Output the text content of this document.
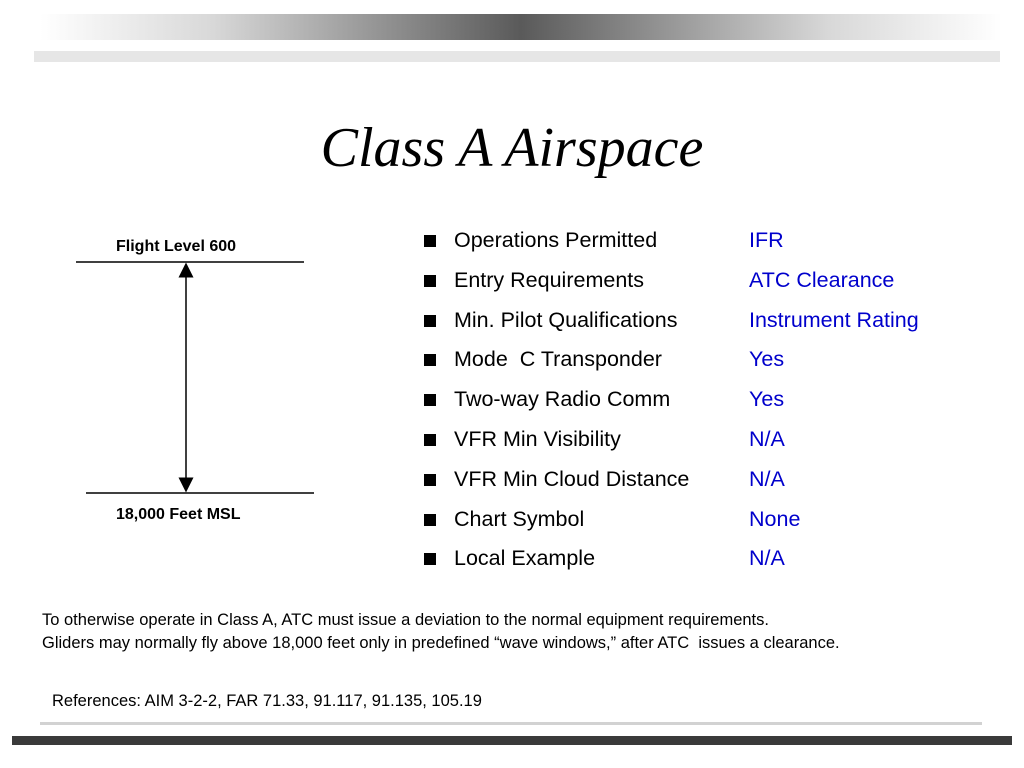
Class A Airspace
Flight Level 600
18,000 Feet MSL
Operations Permitted	IFR
Entry Requirements	ATC Clearance
Min. Pilot Qualifications	Instrument Rating
Mode  C Transponder	Yes
Two-way Radio Comm	Yes
VFR Min Visibility	N/A
VFR Min Cloud Distance	N/A
Chart Symbol	None
Local Example	N/A
To otherwise operate in Class A, ATC must issue a deviation to the normal equipment requirements.
Gliders may normally fly above 18,000 feet only in predefined “wave windows,” after ATC  issues a clearance.
References: AIM 3-2-2, FAR 71.33, 91.117, 91.135, 105.19
